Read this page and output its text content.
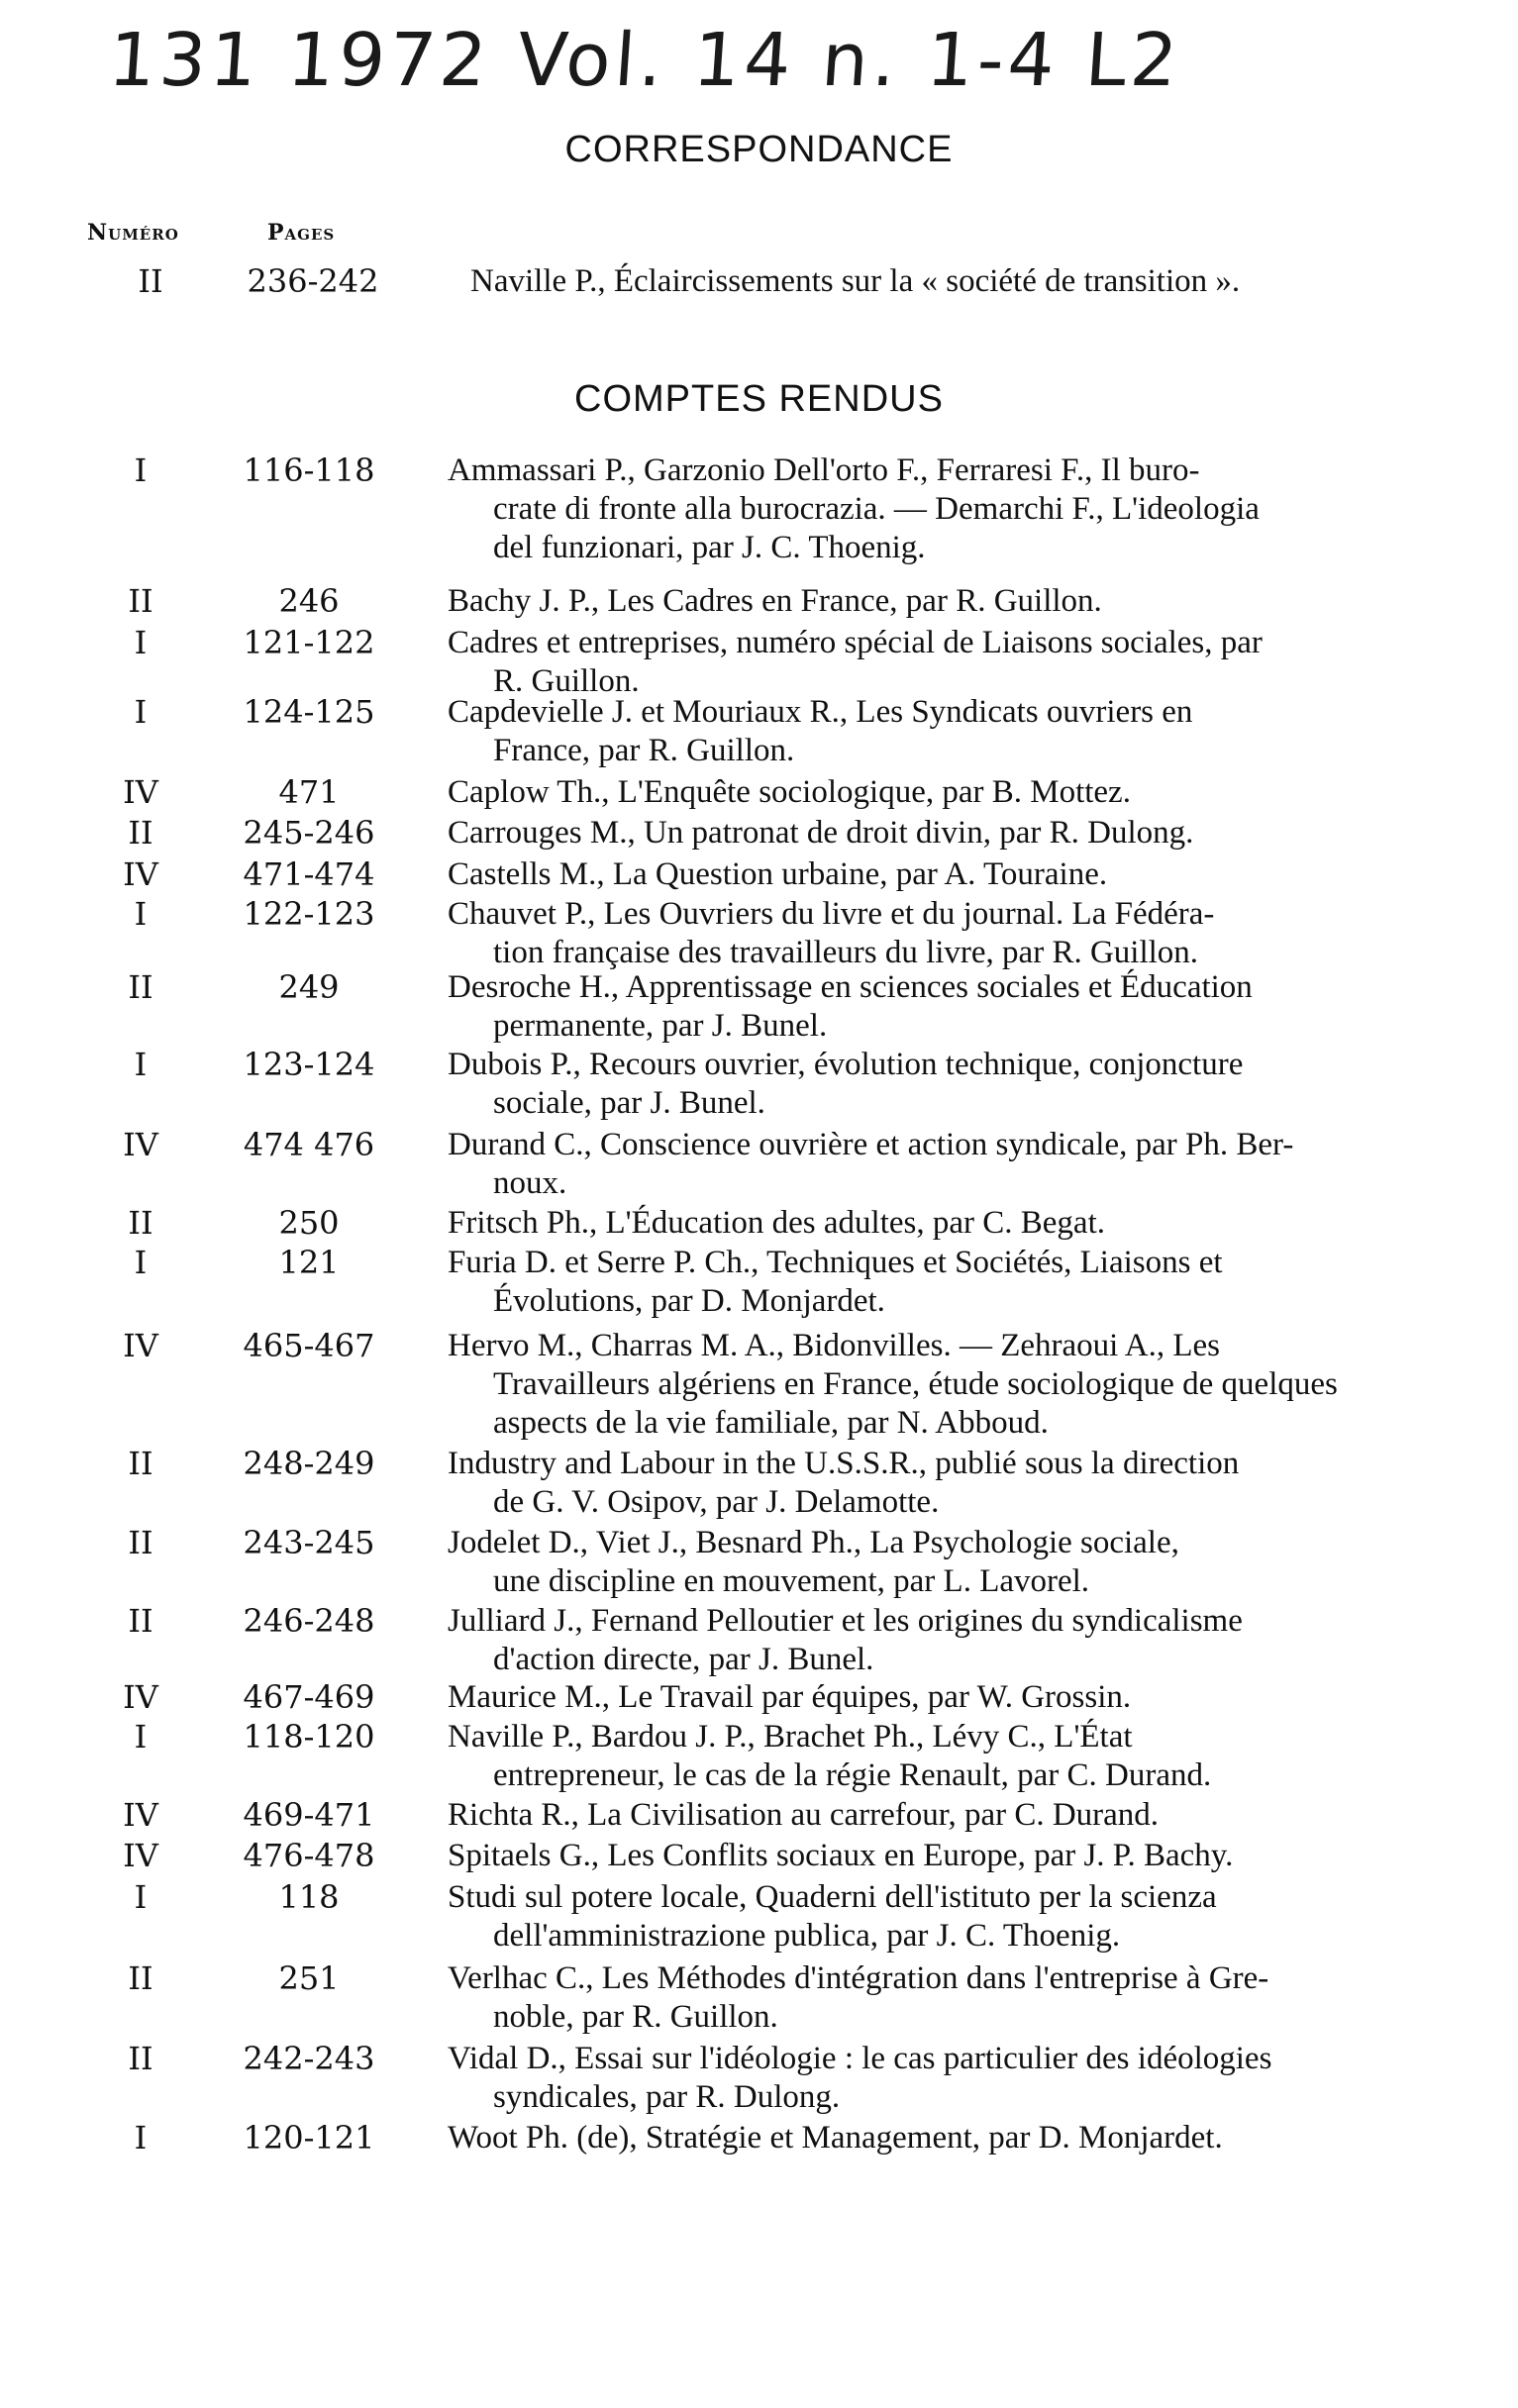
131 1972 Vol. 14 n. 1-4 L2
CORRESPONDANCE
Numéro	Pages
II	236-242	Naville P., Éclaircissements sur la « société de transition ».
COMPTES RENDUS
I	116-118	Ammassari P., Garzonio Dell'orto F., Ferraresi F., Il buro-
crate di fronte alla burocrazia. — Demarchi F., L'ideologia
del funzionari, par J. C. Thoenig.
II	246	Bachy J. P., Les Cadres en France, par R. Guillon.
I	121-122	Cadres et entreprises, numéro spécial de Liaisons sociales, par
R. Guillon.
I	124-125	Capdevielle J. et Mouriaux R., Les Syndicats ouvriers en
France, par R. Guillon.
IV	471	Caplow Th., L'Enquête sociologique, par B. Mottez.
II	245-246	Carrouges M., Un patronat de droit divin, par R. Dulong.
IV	471-474	Castells M., La Question urbaine, par A. Touraine.
I	122-123	Chauvet P., Les Ouvriers du livre et du journal. La Fédéra-
tion française des travailleurs du livre, par R. Guillon.
II	249	Desroche H., Apprentissage en sciences sociales et Éducation
permanente, par J. Bunel.
I	123-124	Dubois P., Recours ouvrier, évolution technique, conjoncture
sociale, par J. Bunel.
IV	474 476	Durand C., Conscience ouvrière et action syndicale, par Ph. Ber-
noux.
II	250	Fritsch Ph., L'Éducation des adultes, par C. Begat.
I	121	Furia D. et Serre P. Ch., Techniques et Sociétés, Liaisons et
Évolutions, par D. Monjardet.
IV	465-467	Hervo M., Charras M. A., Bidonvilles. — Zehraoui A., Les
Travailleurs algériens en France, étude sociologique de quelques
aspects de la vie familiale, par N. Abboud.
II	248-249	Industry and Labour in the U.S.S.R., publié sous la direction
de G. V. Osipov, par J. Delamotte.
II	243-245	Jodelet D., Viet J., Besnard Ph., La Psychologie sociale,
une discipline en mouvement, par L. Lavorel.
II	246-248	Julliard J., Fernand Pelloutier et les origines du syndicalisme
d'action directe, par J. Bunel.
IV	467-469	Maurice M., Le Travail par équipes, par W. Grossin.
I	118-120	Naville P., Bardou J. P., Brachet Ph., Lévy C., L'État
entrepreneur, le cas de la régie Renault, par C. Durand.
IV	469-471	Richta R., La Civilisation au carrefour, par C. Durand.
IV	476-478	Spitaels G., Les Conflits sociaux en Europe, par J. P. Bachy.
I	118	Studi sul potere locale, Quaderni dell'istituto per la scienza
dell'amministrazione publica, par J. C. Thoenig.
II	251	Verlhac C., Les Méthodes d'intégration dans l'entreprise à Gre-
noble, par R. Guillon.
II	242-243	Vidal D., Essai sur l'idéologie : le cas particulier des idéologies
syndicales, par R. Dulong.
I	120-121	Woot Ph. (de), Stratégie et Management, par D. Monjardet.
